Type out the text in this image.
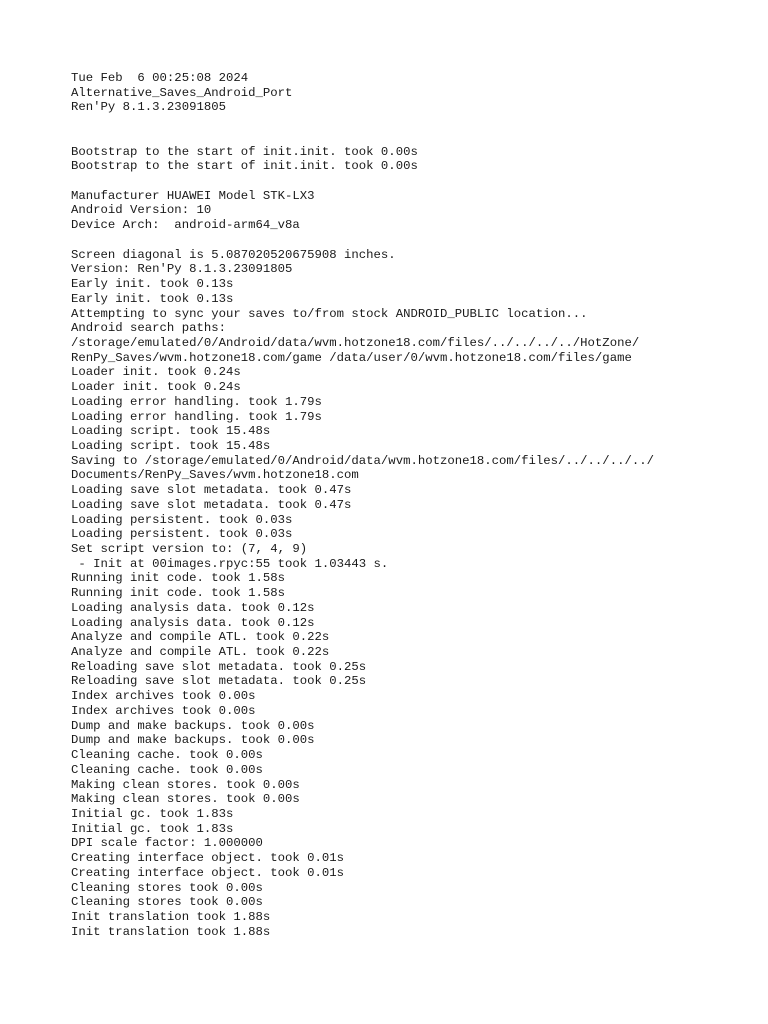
Tue Feb  6 00:25:08 2024
Alternative_Saves_Android_Port
Ren'Py 8.1.3.23091805
Bootstrap to the start of init.init. took 0.00s
Bootstrap to the start of init.init. took 0.00s
Manufacturer HUAWEI Model STK-LX3
Android Version: 10
Device Arch:  android-arm64_v8a
Screen diagonal is 5.087020520675908 inches.
Version: Ren'Py 8.1.3.23091805
Early init. took 0.13s
Early init. took 0.13s
Attempting to sync your saves to/from stock ANDROID_PUBLIC location...
Android search paths:
/storage/emulated/0/Android/data/wvm.hotzone18.com/files/../../../../HotZone/
RenPy_Saves/wvm.hotzone18.com/game /data/user/0/wvm.hotzone18.com/files/game
Loader init. took 0.24s
Loader init. took 0.24s
Loading error handling. took 1.79s
Loading error handling. took 1.79s
Loading script. took 15.48s
Loading script. took 15.48s
Saving to /storage/emulated/0/Android/data/wvm.hotzone18.com/files/../../../../
Documents/RenPy_Saves/wvm.hotzone18.com
Loading save slot metadata. took 0.47s
Loading save slot metadata. took 0.47s
Loading persistent. took 0.03s
Loading persistent. took 0.03s
Set script version to: (7, 4, 9)
- Init at 00images.rpyc:55 took 1.03443 s.
Running init code. took 1.58s
Running init code. took 1.58s
Loading analysis data. took 0.12s
Loading analysis data. took 0.12s
Analyze and compile ATL. took 0.22s
Analyze and compile ATL. took 0.22s
Reloading save slot metadata. took 0.25s
Reloading save slot metadata. took 0.25s
Index archives took 0.00s
Index archives took 0.00s
Dump and make backups. took 0.00s
Dump and make backups. took 0.00s
Cleaning cache. took 0.00s
Cleaning cache. took 0.00s
Making clean stores. took 0.00s
Making clean stores. took 0.00s
Initial gc. took 1.83s
Initial gc. took 1.83s
DPI scale factor: 1.000000
Creating interface object. took 0.01s
Creating interface object. took 0.01s
Cleaning stores took 0.00s
Cleaning stores took 0.00s
Init translation took 1.88s
Init translation took 1.88s
